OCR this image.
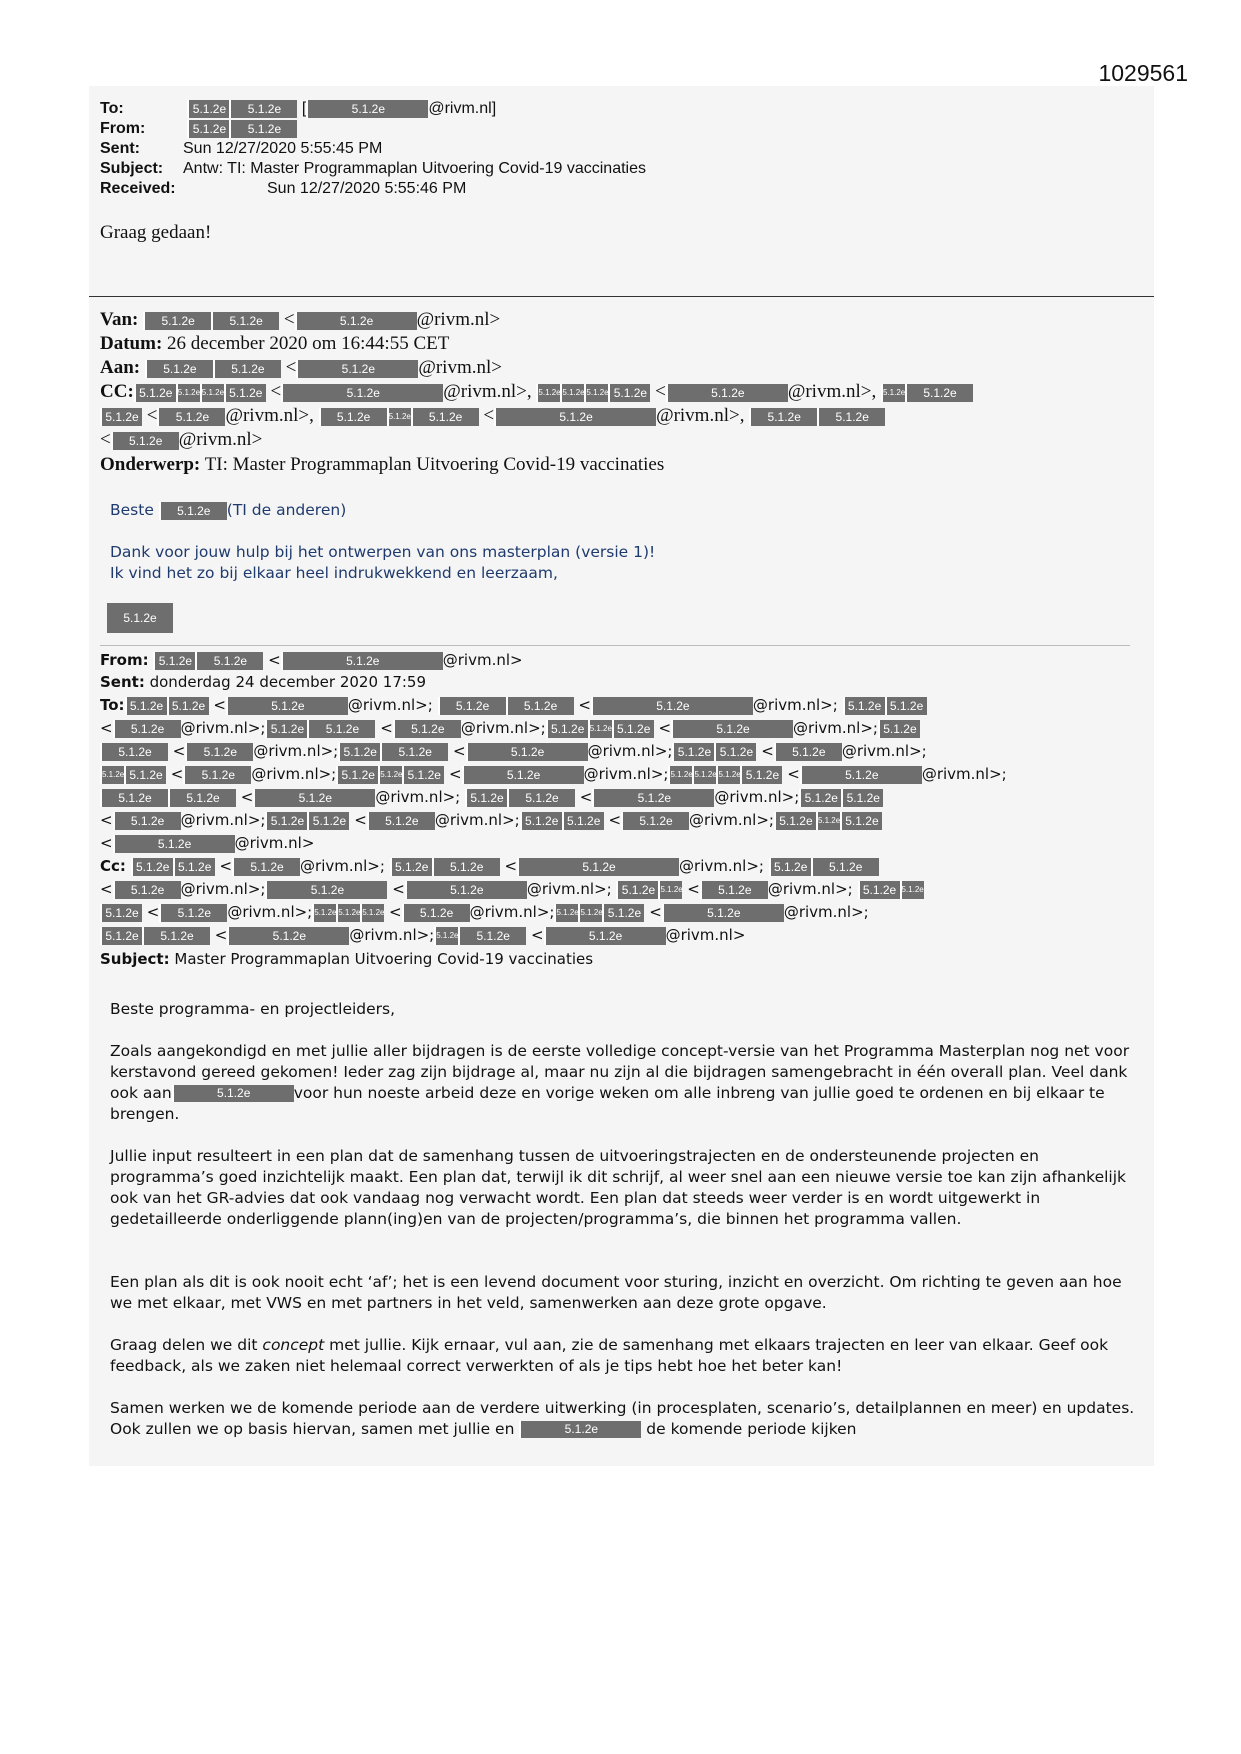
1029561
To:	5.1.2e 5.1.2e [	5.1.2e	@rivm.nl]
From:	5.1.2e 5.1.2e
Sent:	Sun 12/27/2020 5:55:45 PM
Subject: Antw: TI: Master Programmaplan Uitvoering Covid-19 vaccinaties
Received:	Sun 12/27/2020 5:55:46 PM
Graag gedaan!
Van: 5.1.2e	5.1.2e <	5.1.2e @rivm.nl>
Datum: 26 december 2020 om 16:44:55 CET
Aan: 5.1.2e	5.1.2e <	5.1.2e @rivm.nl>
CC: 5.1.2e 5.1.2e 5.1.2e 5.1.2e <	5.1.2e	@rivm.nl>, 5.1.2e 5.1.2e 5.1.2e 5.1.2e <	5.1.2e @rivm.nl>, 5.1.2e 5.1.2e
5.1.2e < 5.1.2e @rivm.nl>, 5.1.2e 5.1.2e 5.1.2e <	5.1.2e	@rivm.nl>, 5.1.2e	5.1.2e
< 5.1.2e @rivm.nl>
Onderwerp: TI: Master Programmaplan Uitvoering Covid-19 vaccinaties
Beste 5.1.2e (TI de anderen)
Dank voor jouw hulp bij het ontwerpen van ons masterplan (versie 1)!
Ik vind het zo bij elkaar heel indrukwekkend en leerzaam,
5.1.2e
From: 5.1.2e 5.1.2e <	5.1.2e	@rivm.nl>
Sent: donderdag 24 december 2020 17:59
To: 5.1.2e 5.1.2e <	5.1.2e	@rivm.nl>; 5.1.2e	5.1.2e <	5.1.2e	@rivm.nl>; 5.1.2e 5.1.2e
< 5.1.2e @rivm.nl>; 5.1.2e 5.1.2e < 5.1.2e @rivm.nl>; 5.1.2e 5.1.2e 5.1.2e <	5.1.2e	@rivm.nl>; 5.1.2e
5.1.2e < 5.1.2e @rivm.nl>; 5.1.2e 5.1.2e <	5.1.2e	@rivm.nl>; 5.1.2e 5.1.2e < 5.1.2e @rivm.nl>;
5.1.2e 5.1.2e < 5.1.2e @rivm.nl>; 5.1.2e 5.1.2e 5.1.2e <	5.1.2e	@rivm.nl>; 5.1.2e 5.1.2e 5.1.2e 5.1.2e <	5.1.2e	@rivm.nl>;
5.1.2e	5.1.2e <	5.1.2e	@rivm.nl>; 5.1.2e 5.1.2e <	5.1.2e	@rivm.nl>; 5.1.2e 5.1.2e
< 5.1.2e @rivm.nl>; 5.1.2e 5.1.2e < 5.1.2e @rivm.nl>; 5.1.2e 5.1.2e < 5.1.2e @rivm.nl>; 5.1.2e 5.1.2e 5.1.2e
<	5.1.2e	@rivm.nl>
Cc: 5.1.2e 5.1.2e < 5.1.2e @rivm.nl>; 5.1.2e 5.1.2e <	5.1.2e	@rivm.nl>; 5.1.2e 5.1.2e
< 5.1.2e @rivm.nl>;	5.1.2e	<	5.1.2e	@rivm.nl>; 5.1.2e 5.1.2e < 5.1.2e @rivm.nl>; 5.1.2e 5.1.2e
5.1.2e < 5.1.2e @rivm.nl>; 5.1.2e 5.1.2e 5.1.2e < 5.1.2e @rivm.nl>; 5.1.2e 5.1.2e 5.1.2e <	5.1.2e	@rivm.nl>;
5.1.2e 5.1.2e <	5.1.2e	@rivm.nl>; 5.1.2e 5.1.2e <	5.1.2e	@rivm.nl>
Subject: Master Programmaplan Uitvoering Covid-19 vaccinaties
Beste programma- en projectleiders,

Zoals aangekondigd en met jullie aller bijdragen is de eerste volledige concept-versie van het Programma Masterplan nog net voor kerstavond gereed gekomen! Ieder zag zijn bijdrage al, maar nu zijn al die bijdragen samengebracht in één overall plan. Veel dank ook aan	5.1.2e	voor hun noeste arbeid deze en vorige weken om alle inbreng van jullie goed te ordenen en bij elkaar te brengen.

Jullie input resulteert in een plan dat de samenhang tussen de uitvoeringstrajecten en de ondersteunende projecten en programma’s goed inzichtelijk maakt. Een plan dat, terwijl ik dit schrijf, al weer snel aan een nieuwe versie toe kan zijn afhankelijk ook van het GR-advies dat ook vandaag nog verwacht wordt. Een plan dat steeds weer verder is en wordt uitgewerkt in gedetailleerde onderliggende plann(ing)en van de projecten/programma’s, die binnen het programma vallen.

Een plan als dit is ook nooit echt ‘af’; het is een levend document voor sturing, inzicht en overzicht. Om richting te geven aan hoe we met elkaar, met VWS en met partners in het veld, samenwerken aan deze grote opgave.

Graag delen we dit concept met jullie. Kijk ernaar, vul aan, zie de samenhang met elkaars trajecten en leer van elkaar. Geef ook feedback, als we zaken niet helemaal correct verwerkten of als je tips hebt hoe het beter kan!

Samen werken we de komende periode aan de verdere uitwerking (in procesplaten, scenario’s, detailplannen en meer) en updates. Ook zullen we op basis hiervan, samen met jullie en	5.1.2e	de komende periode kijken
